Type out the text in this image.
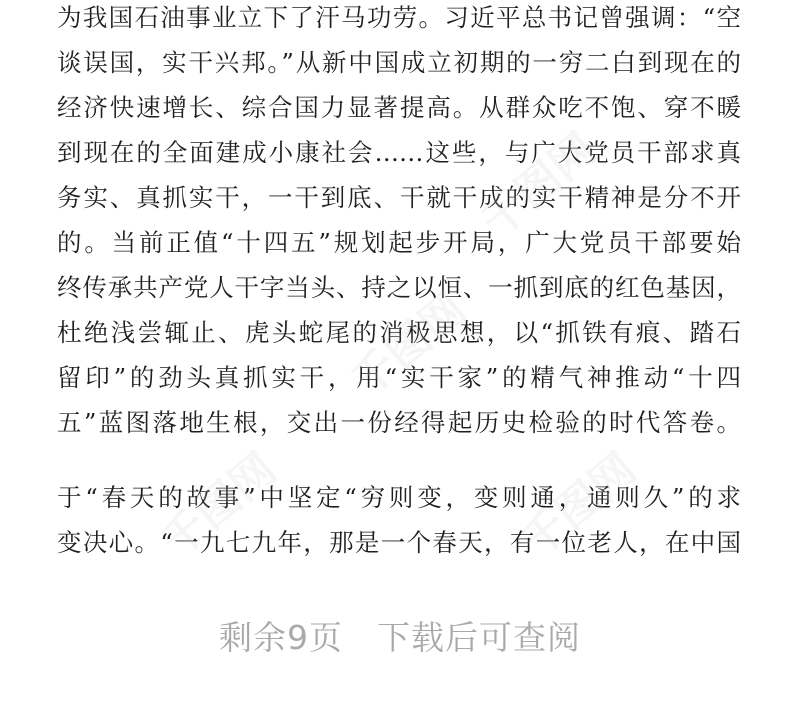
为我国石油事业立下了汗马功劳。习近平总书记曾强调：“空
谈误国，实干兴邦。”从新中国成立初期的一穷二白到现在的
经济快速增长、综合国力显著提高。从群众吃不饱、穿不暖
到现在的全面建成小康社会……这些，与广大党员干部求真
务实、真抓实干，一干到底、干就干成的实干精神是分不开
的。当前正值“十四五”规划起步开局，广大党员干部要始
终传承共产党人干字当头、持之以恒、一抓到底的红色基因，
杜绝浅尝辄止、虎头蛇尾的消极思想，以“抓铁有痕、踏石
留印”的劲头真抓实干，用“实干家”的精气神推动“十四
五”蓝图落地生根，交出一份经得起历史检验的时代答卷。
于“春天的故事”中坚定“穷则变，变则通，通则久”的求
变决心。“一九七九年，那是一个春天，有一位老人，在中国
千图网
千图网
千图网	千图网
剩余9页 下载后可查阅
